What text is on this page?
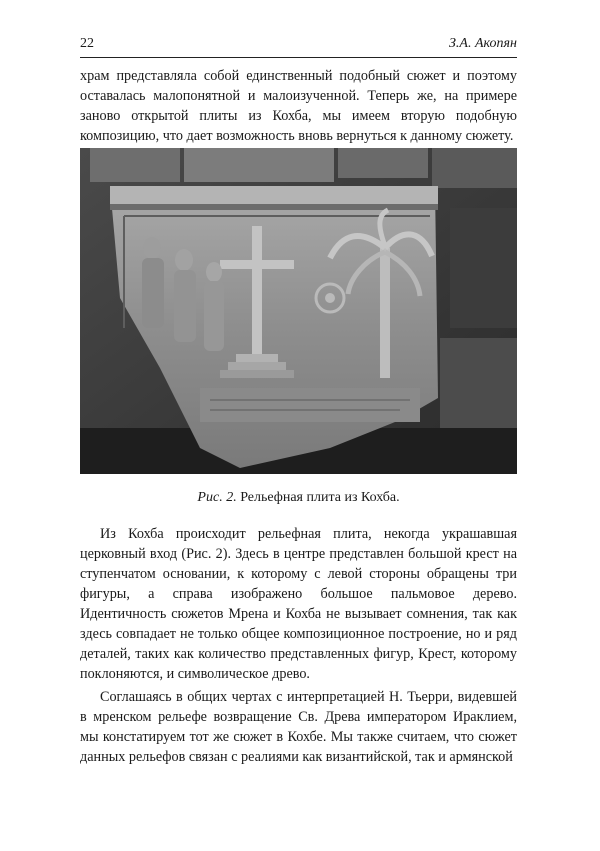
22	З.А. Акопян

храм представляла собой единственный подобный сюжет и поэтому оставалась малопонятной и малоизученной. Теперь же, на примере заново открытой плиты из Кохба, мы имеем вторую подобную композицию, что дает возможность вновь вернуться к данному сюжету.

Рис. 2. Рельефная плита из Кохба.

Из Кохба происходит рельефная плита, некогда украшавшая церковный вход (Рис. 2). Здесь в центре представлен большой крест на ступенчатом основании, к которому с левой стороны обращены три фигуры, а справа изображено большое пальмовое дерево. Идентичность сюжетов Мрена и Кохба не вызывает сомнения, так как здесь совпадает не только общее композиционное построение, но и ряд деталей, таких как количество представленных фигур, Крест, которому поклоняются, и символическое древо.

Соглашаясь в общих чертах с интерпретацией Н. Тьерри, видевшей в мренском рельефе возвращение Св. Древа императором Ираклием, мы констатируем тот же сюжет в Кохбе. Мы также считаем, что сюжет данных рельефов связан с реалиями как византийской, так и армянской
